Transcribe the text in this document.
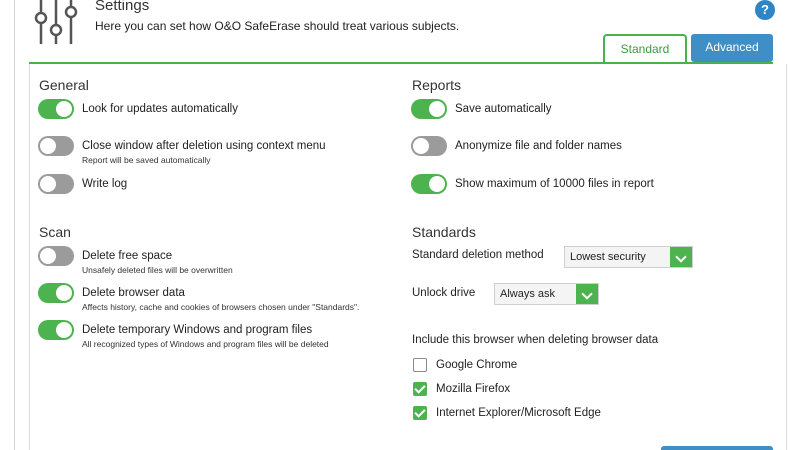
Settings
Here you can set how O&O SafeErase should treat various subjects.
?
Standard	Advanced
General
Look for updates automatically
Close window after deletion using context menu
Report will be saved automatically
Write log
Scan
Delete free space
Unsafely deleted files will be overwritten
Delete browser data
Affects history, cache and cookies of browsers chosen under "Standards".
Delete temporary Windows and program files
All recognized types of Windows and program files will be deleted
Reports
Save automatically
Anonymize file and folder names
Show maximum of 10000 files in report
Standards
Standard deletion method	Lowest security
Unlock drive	Always ask
Include this browser when deleting browser data
Google Chrome
Mozilla Firefox
Internet Explorer/Microsoft Edge
